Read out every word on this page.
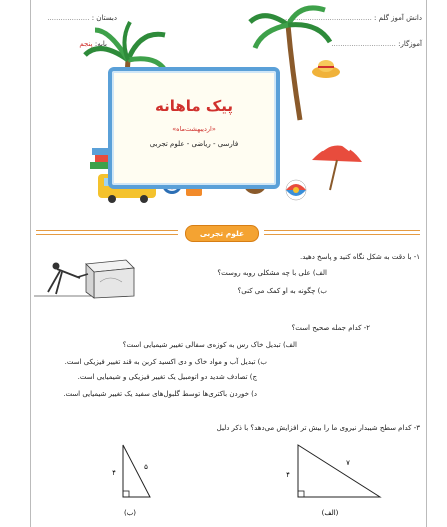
دانش آموز گلم : .........................................
دبستان : ...................
آموزگار: .............................
پایه: پنجم
پیک ماهانه
«اردیبهشت‌ماه»
فارسی - ریاضی - علوم تجربی
علوم تجربی
۱- با دقت به شکل نگاه کنید و پاسخ دهید.
الف) علی با چه مشکلی روبه روست؟
ب) چگونه به او کمک می کنی؟
۲- کدام جمله صحیح است؟
الف) تبدیل خاک رس به کوزه‌ی سفالی تغییر شیمیایی است؟
ب) تبدیل آب و مواد خاک و دی اکسید کربن به قند تغییر فیزیکی است.
ج) تصادف شدید دو اتومبیل یک تغییر فیزیکی و شیمیایی است.
د) خوردن باکتری‌ها توسط گلبول‌های سفید یک تغییر شیمیایی است.
۳- کدام سطح شیبدار نیروی ما را بیش تر افزایش می‌دهد؟ با ذکر دلیل
۴
۵
(ب)
۴
۷
(الف)
